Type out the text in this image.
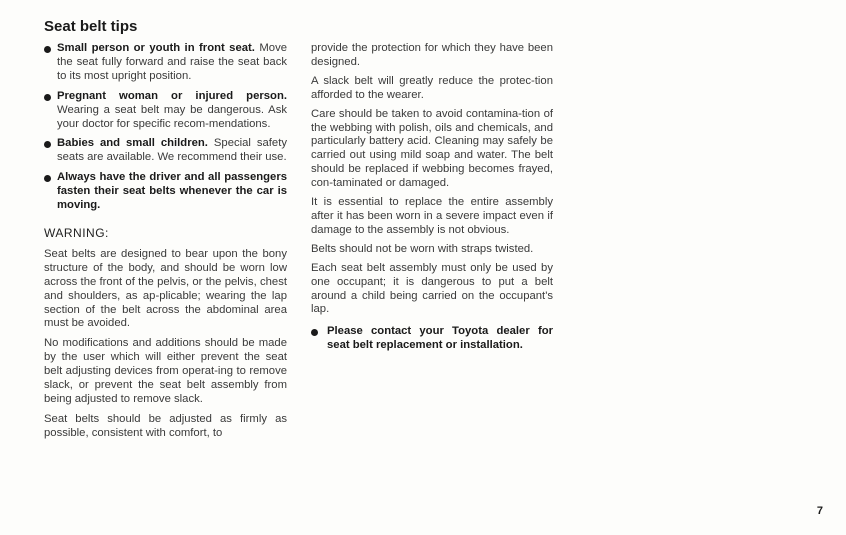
Seat belt tips

Small person or youth in front seat. Move the seat fully forward and raise the seat back to its most upright position.

Pregnant woman or injured person. Wearing a seat belt may be dangerous. Ask your doctor for specific recom-mendations.

Babies and small children. Special safety seats are available. We recommend their use.

Always have the driver and all passengers fasten their seat belts whenever the car is moving.

WARNING:

Seat belts are designed to bear upon the bony structure of the body, and should be worn low across the front of the pelvis, or the pelvis, chest and shoulders, as ap-plicable; wearing the lap section of the belt across the abdominal area must be avoided.

No modifications and additions should be made by the user which will either prevent the seat belt adjusting devices from operat-ing to remove slack, or prevent the seat belt assembly from being adjusted to remove slack.

Seat belts should be adjusted as firmly as possible, consistent with comfort, to

provide the protection for which they have been designed.

A slack belt will greatly reduce the protec-tion afforded to the wearer.

Care should be taken to avoid contamina-tion of the webbing with polish, oils and chemicals, and particularly battery acid. Cleaning may safely be carried out using mild soap and water. The belt should be replaced if webbing becomes frayed, con-taminated or damaged.

It is essential to replace the entire assembly after it has been worn in a severe impact even if damage to the assembly is not obvious.

Belts should not be worn with straps twisted.

Each seat belt assembly must only be used by one occupant; it is dangerous to put a belt around a child being carried on the occupant's lap.

Please contact your Toyota dealer for seat belt replacement or installation.

7
